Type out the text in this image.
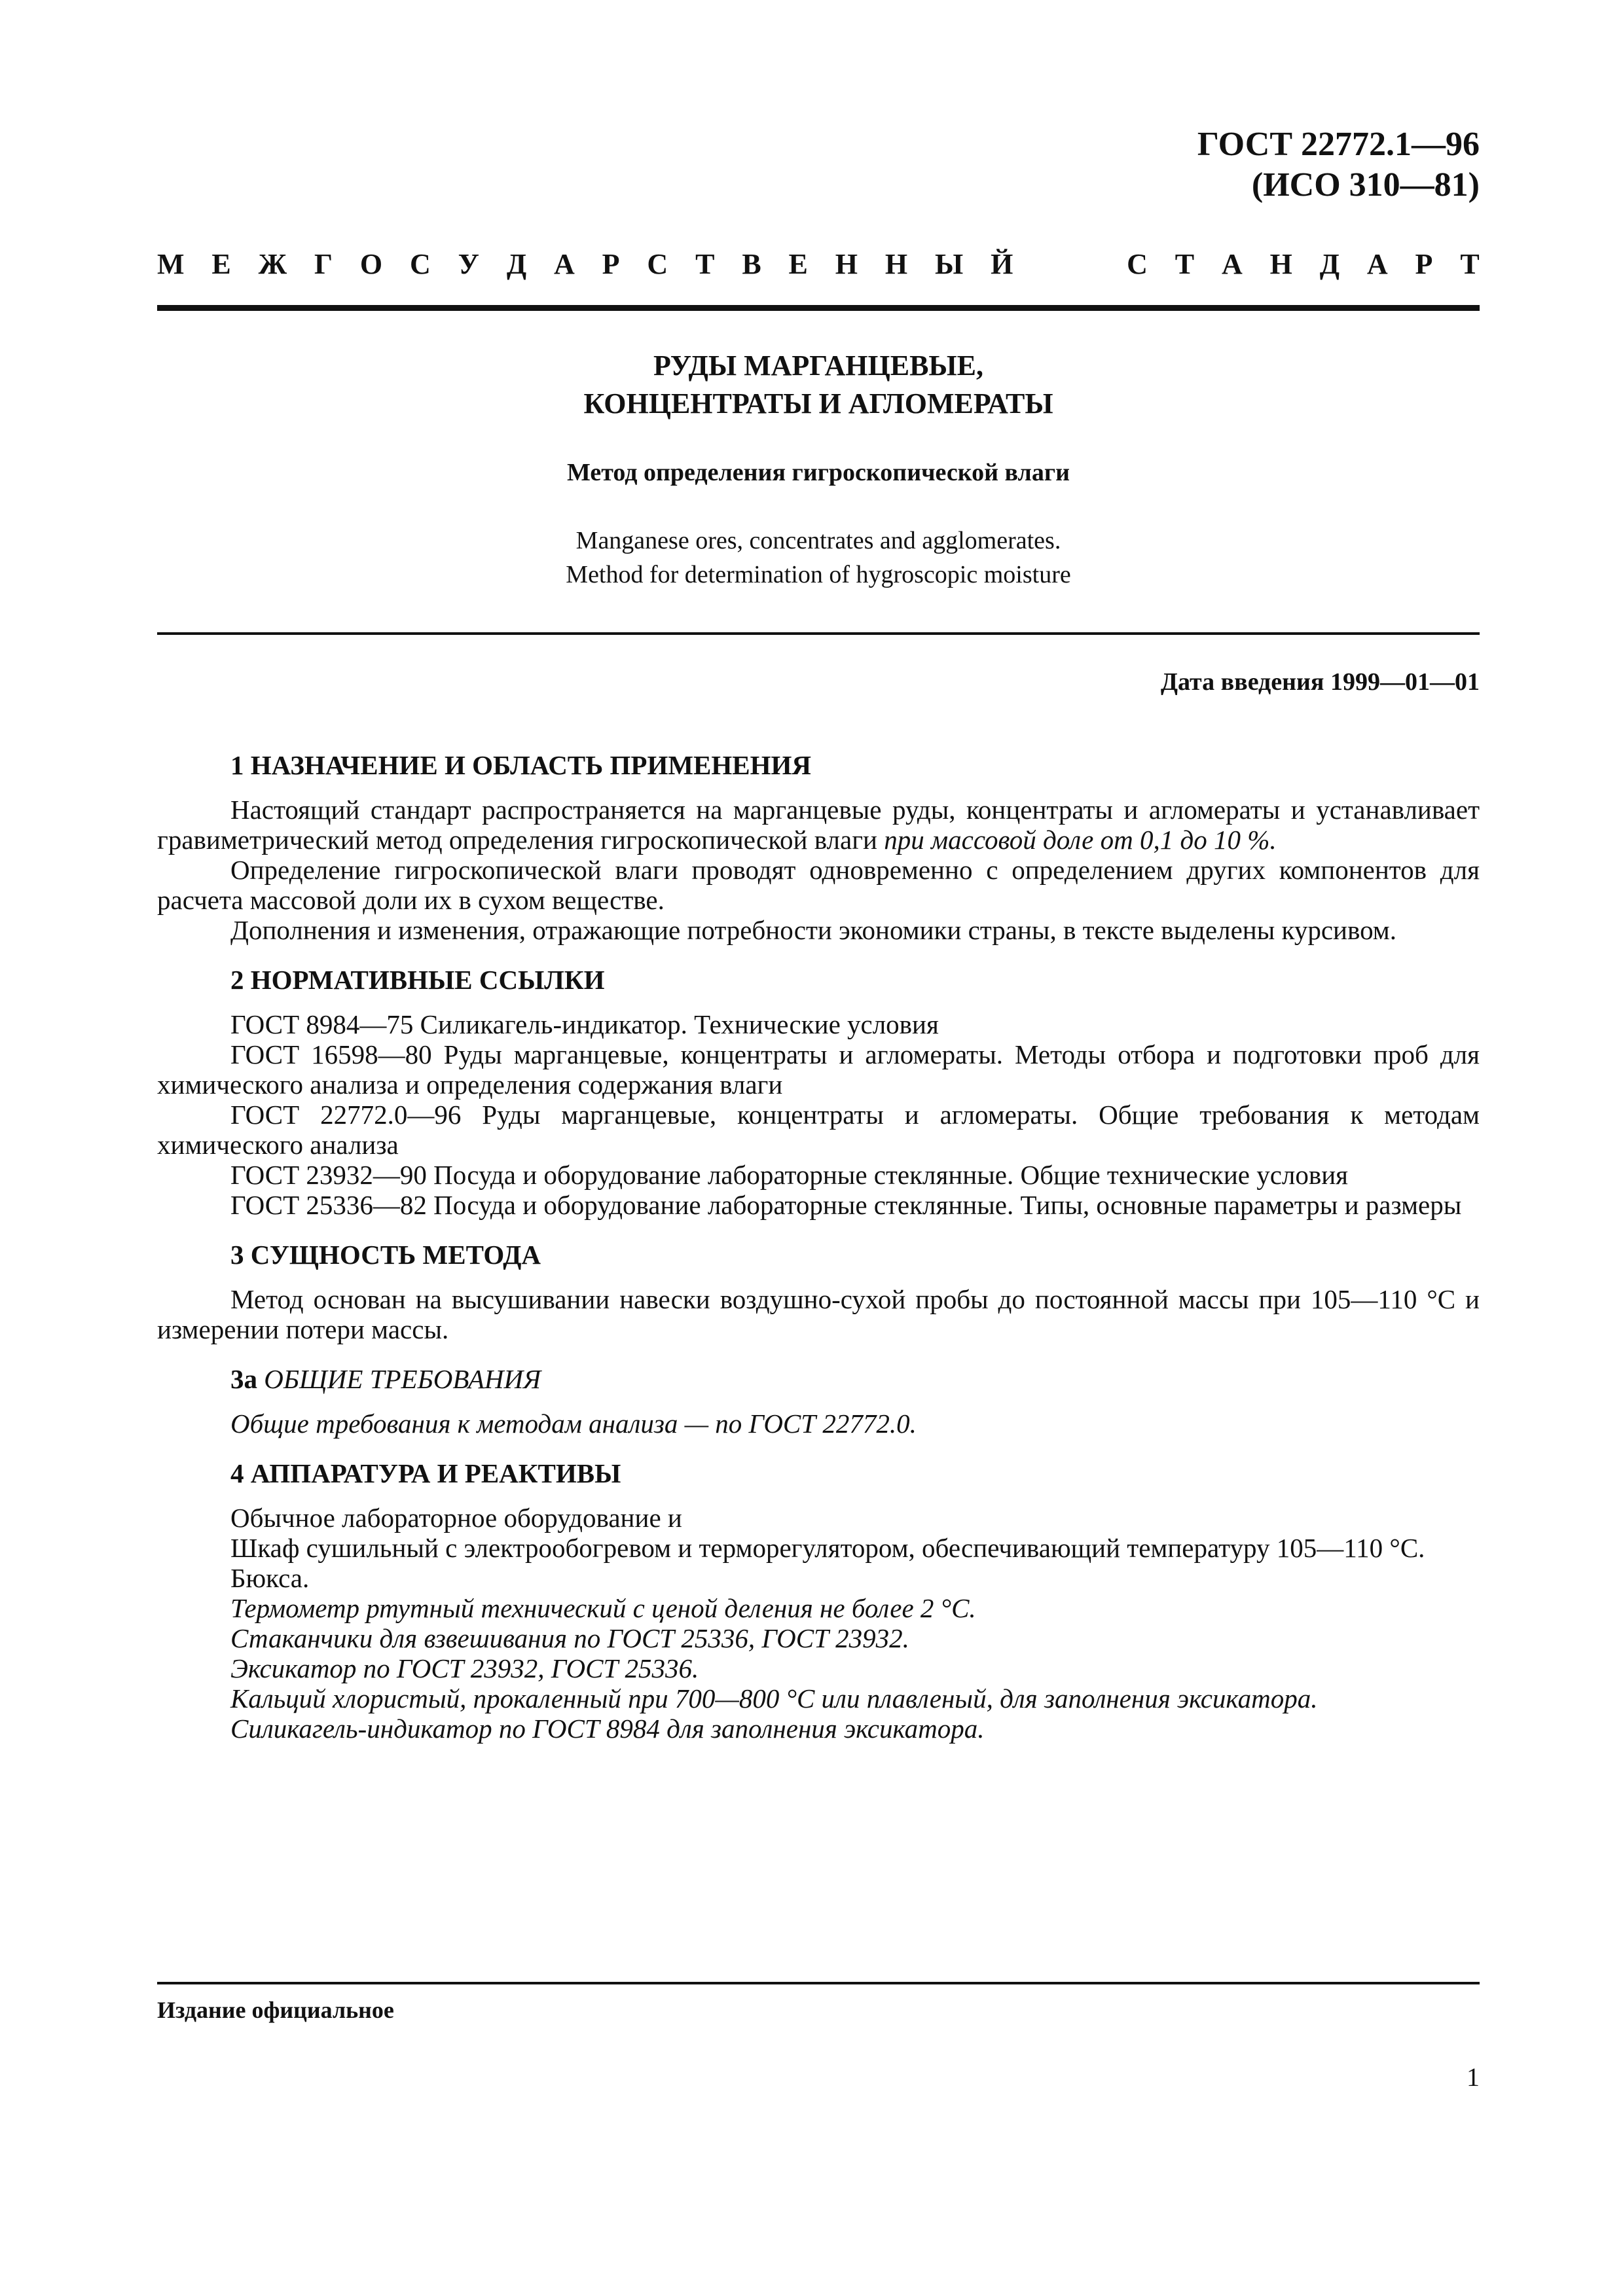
ГОСТ 22772.1—96
(ИСО 310—81)
М Е Ж Г О С У Д А Р С Т В Е Н Н Ы Й	С Т А Н Д А Р Т
РУДЫ МАРГАНЦЕВЫЕ,
КОНЦЕНТРАТЫ И АГЛОМЕРАТЫ
Метод определения гигроскопической влаги
Manganese ores, concentrates and agglomerates.
Method for determination of hygroscopic moisture
Дата введения 1999—01—01
1 НАЗНАЧЕНИЕ И ОБЛАСТЬ ПРИМЕНЕНИЯ

Настоящий стандарт распространяется на марганцевые руды, концентраты и агломераты и устанавливает гравиметрический метод определения гигроскопической влаги при массовой доле от 0,1 до 10 %.

Определение гигроскопической влаги проводят одновременно с определением других компонентов для расчета массовой доли их в сухом веществе.

Дополнения и изменения, отражающие потребности экономики страны, в тексте выделены курсивом.

2 НОРМАТИВНЫЕ ССЫЛКИ

ГОСТ 8984—75 Силикагель-индикатор. Технические условия

ГОСТ 16598—80 Руды марганцевые, концентраты и агломераты. Методы отбора и подготовки проб для химического анализа и определения содержания влаги

ГОСТ 22772.0—96 Руды марганцевые, концентраты и агломераты. Общие требования к методам химического анализа

ГОСТ 23932—90 Посуда и оборудование лабораторные стеклянные. Общие технические условия

ГОСТ 25336—82 Посуда и оборудование лабораторные стеклянные. Типы, основные параметры и размеры

3 СУЩНОСТЬ МЕТОДА

Метод основан на высушивании навески воздушно-сухой пробы до постоянной массы при 105—110 °С и измерении потери массы.

3а ОБЩИЕ ТРЕБОВАНИЯ

Общие требования к методам анализа — по ГОСТ 22772.0.

4 АППАРАТУРА И РЕАКТИВЫ

Обычное лабораторное оборудование и

Шкаф сушильный с электрообогревом и терморегулятором, обеспечивающий температуру 105—110 °С.

Бюкса.

Термометр ртутный технический с ценой деления не более 2 °С.

Стаканчики для взвешивания по ГОСТ 25336, ГОСТ 23932.

Эксикатор по ГОСТ 23932, ГОСТ 25336.

Кальций хлористый, прокаленный при 700—800 °С или плавленый, для заполнения эксикатора.

Силикагель-индикатор по ГОСТ 8984 для заполнения эксикатора.

Издание официальное
1
